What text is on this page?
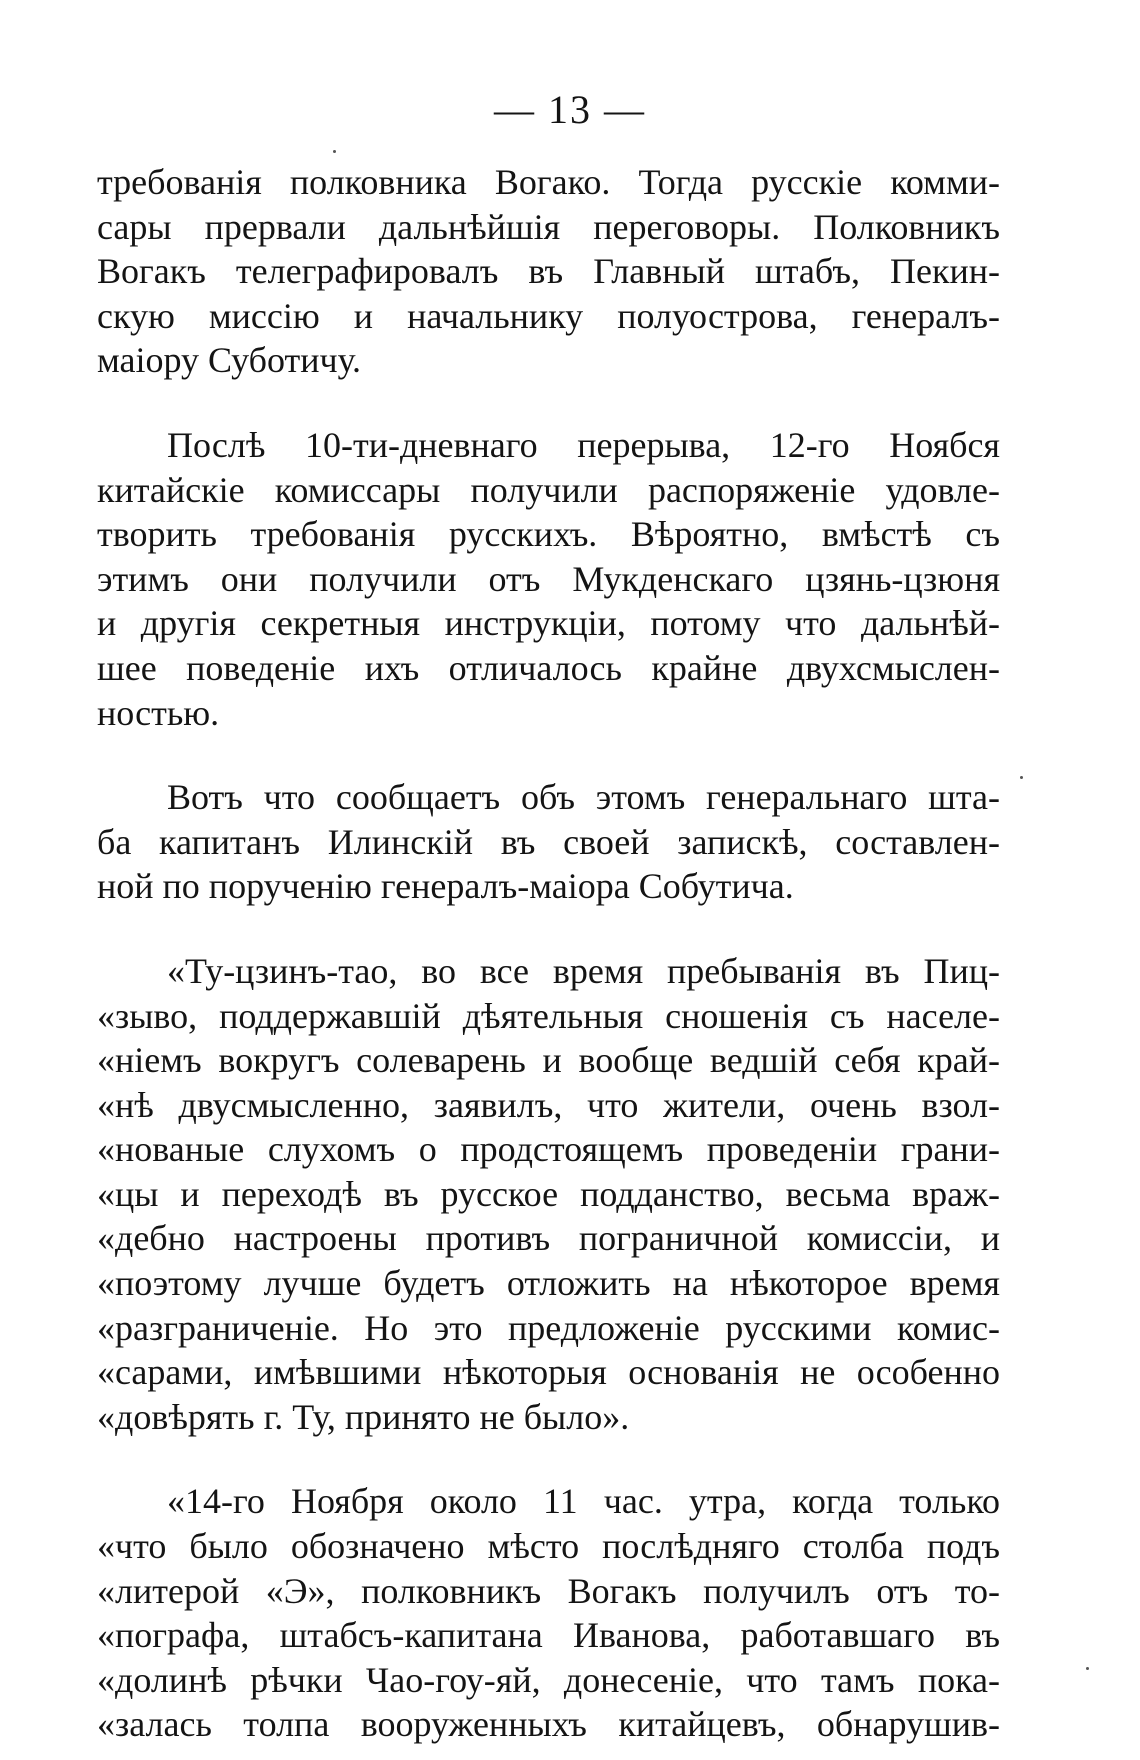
— 13 —
требованія полковника Вогако. Тогда русскіе комми-
сары прервали дальнѣйшія переговоры. Полковникъ
Вогакъ телеграфировалъ въ Главный штабъ, Пекин-
скую миссію и начальнику полуострова, генералъ-
маіору Суботичу.
Послѣ 10-ти-дневнаго перерыва, 12-го Ноябся
китайскіе комиссары получили распоряженіе удовле-
творить требованія русскихъ. Вѣроятно, вмѣстѣ съ
этимъ они получили отъ Мукденскаго цзянь-цзюня
и другія секретныя инструкціи, потому что дальнѣй-
шее поведеніе ихъ отличалось крайне двухсмыслен-
ностью.
Вотъ что сообщаетъ объ этомъ генеральнаго шта-
ба капитанъ Илинскій въ своей запискѣ, составлен-
ной по порученію генералъ-маіора Собутича.
«Ту-цзинъ-тао, во все время пребыванія въ Пиц-
«зыво, поддержавшій дѣятельныя сношенія съ населе-
«ніемъ вокругъ солеварень и вообще ведшій себя край-
«нѣ двусмысленно, заявилъ, что жители, очень взол-
«нованые слухомъ о продстоящемъ проведеніи грани-
«цы и переходѣ въ русское подданство, весьма враж-
«дебно настроены противъ пограничной комиссіи, и
«поэтому лучше будетъ отложить на нѣкоторое время
«разграниченіе. Но это предложеніе русскими комис-
«сарами, имѣвшими нѣкоторыя основанія не особенно
«довѣрять г. Ту, принято не было».
«14-го Ноября около 11 час. утра, когда только
«что было обозначено мѣсто послѣдняго столба подъ
«литерой «Э», полковникъ Вогакъ получилъ отъ то-
«пографа, штабсъ-капитана Иванова, работавшаго въ
«долинѣ рѣчки Чао-гоу-яй, донесеніе, что тамъ пока-
«залась толпа вооруженныхъ китайцевъ, обнарушив-
